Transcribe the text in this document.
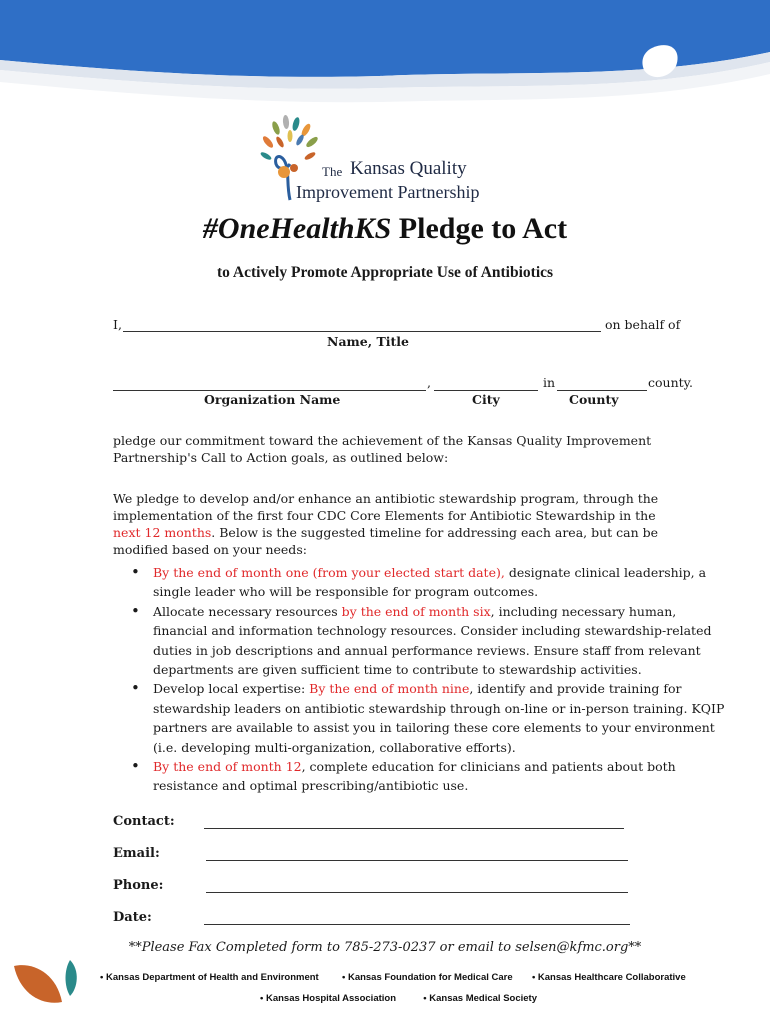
The Kansas Quality
Improvement Partnership
#OneHealthKS Pledge to Act
to Actively Promote Appropriate Use of Antibiotics
I,	on behalf of
Name, Title
,	in	county.
Organization Name	City	County
pledge our commitment toward the achievement of the Kansas Quality Improvement Partnership's Call to Action goals, as outlined below:
We pledge to develop and/or enhance an antibiotic stewardship program, through the implementation of the first four CDC Core Elements for Antibiotic Stewardship in the next 12 months. Below is the suggested timeline for addressing each area, but can be modified based on your needs:
• By the end of month one (from your elected start date), designate clinical leadership, a single leader who will be responsible for program outcomes.
• Allocate necessary resources by the end of month six, including necessary human, financial and information technology resources. Consider including stewardship-related duties in job descriptions and annual performance reviews. Ensure staff from relevant departments are given sufficient time to contribute to stewardship activities.
• Develop local expertise: By the end of month nine, identify and provide training for stewardship leaders on antibiotic stewardship through on-line or in-person training. KQIP partners are available to assist you in tailoring these core elements to your environment (i.e. developing multi-organization, collaborative efforts).
• By the end of month 12, complete education for clinicians and patients about both resistance and optimal prescribing/antibiotic use.
Contact:
Email:
Phone:
Date:
**Please Fax Completed form to 785-273-0237 or email to selsen@kfmc.org**
• Kansas Department of Health and Environment • Kansas Foundation for Medical Care • Kansas Healthcare Collaborative
• Kansas Hospital Association	• Kansas Medical Society
